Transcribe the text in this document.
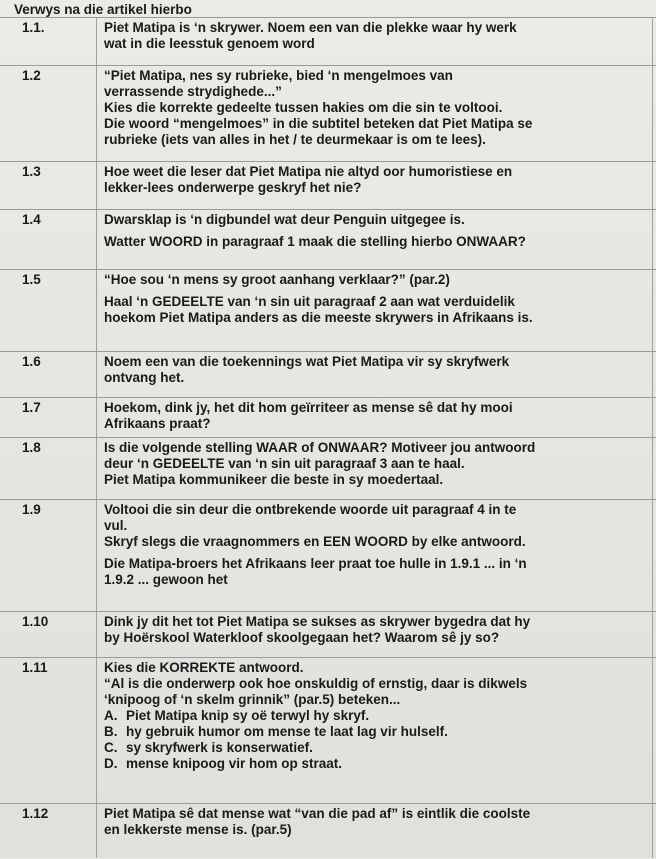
Verwys na die artikel hierbo
1.1.	Piet Matipa is ‘n skrywer. Noem een van die plekke waar hy werk
wat in die leesstuk genoem word
1.2	“Piet Matipa, nes sy rubrieke, bied ‘n mengelmoes van
verrassende strydighede...”
Kies die korrekte gedeelte tussen hakies om die sin te voltooi.
Die woord “mengelmoes” in die subtitel beteken dat Piet Matipa se
rubrieke (iets van alles in het / te deurmekaar is om te lees).
1.3	Hoe weet die leser dat Piet Matipa nie altyd oor humoristiese en
lekker-lees onderwerpe geskryf het nie?
1.4	Dwarsklap is ‘n digbundel wat deur Penguin uitgegee is.
Watter WOORD in paragraaf 1 maak die stelling hierbo ONWAAR?
1.5	“Hoe sou ‘n mens sy groot aanhang verklaar?” (par.2)
Haal ‘n GEDEELTE van ‘n sin uit paragraaf 2 aan wat verduidelik
hoekom Piet Matipa anders as die meeste skrywers in Afrikaans is.
1.6	Noem een van die toekennings wat Piet Matipa vir sy skryfwerk
ontvang het.
1.7	Hoekom, dink jy, het dit hom geïrriteer as mense sê dat hy mooi
Afrikaans praat?
1.8	Is die volgende stelling WAAR of ONWAAR? Motiveer jou antwoord
deur ‘n GEDEELTE van ‘n sin uit paragraaf 3 aan te haal.
Piet Matipa kommunikeer die beste in sy moedertaal.
1.9	Voltooi die sin deur die ontbrekende woorde uit paragraaf 4 in te
vul.
Skryf slegs die vraagnommers en EEN WOORD by elke antwoord.
Die Matipa-broers het Afrikaans leer praat toe hulle in 1.9.1 ... in ‘n
1.9.2 ... gewoon het
1.10	Dink jy dit het tot Piet Matipa se sukses as skrywer bygedra dat hy
by Hoërskool Waterkloof skoolgegaan het? Waarom sê jy so?
1.11	Kies die KORREKTE antwoord.
“Al is die onderwerp ook hoe onskuldig of ernstig, daar is dikwels
‘knipoog of ‘n skelm grinnik” (par.5) beteken...
A. Piet Matipa knip sy oë terwyl hy skryf.
B. hy gebruik humor om mense te laat lag vir hulself.
C. sy skryfwerk is konserwatief.
D. mense knipoog vir hom op straat.
1.12	Piet Matipa sê dat mense wat “van die pad af” is eintlik die coolste
en lekkerste mense is. (par.5)
